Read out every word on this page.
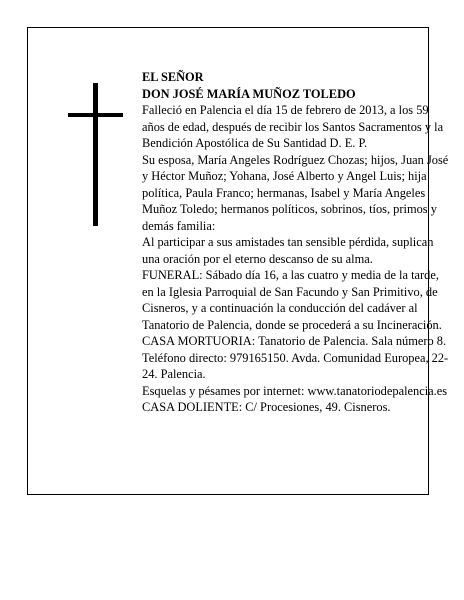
EL SEÑOR
DON JOSÉ MARÍA MUÑOZ TOLEDO
Falleció en Palencia el día 15 de febrero de 2013, a los 59 años de edad, después de recibir los Santos Sacramentos y la Bendición Apostólica de Su Santidad D. E. P.
Su esposa, María Angeles Rodríguez Chozas; hijos, Juan José y Héctor Muñoz; Yohana, José Alberto y Angel Luis; hija política, Paula Franco; hermanas, Isabel y María Angeles Muñoz Toledo; hermanos políticos, sobrinos, tíos, primos y demás familia:
Al participar a sus amistades tan sensible pérdida, suplican una oración por el eterno descanso de su alma.
FUNERAL: Sábado día 16, a las cuatro y media de la tarde, en la Iglesia Parroquial de San Facundo y San Primitivo, de Cisneros, y a continuación la conducción del cadáver al Tanatorio de Palencia, donde se procederá a su Incineración.
CASA MORTUORIA: Tanatorio de Palencia. Sala número 8. Teléfono directo: 979165150. Avda. Comunidad Europea, 22-24. Palencia.
Esquelas y pésames por internet: www.tanatoriodepalencia.es
CASA DOLIENTE: C/ Procesiones, 49. Cisneros.
